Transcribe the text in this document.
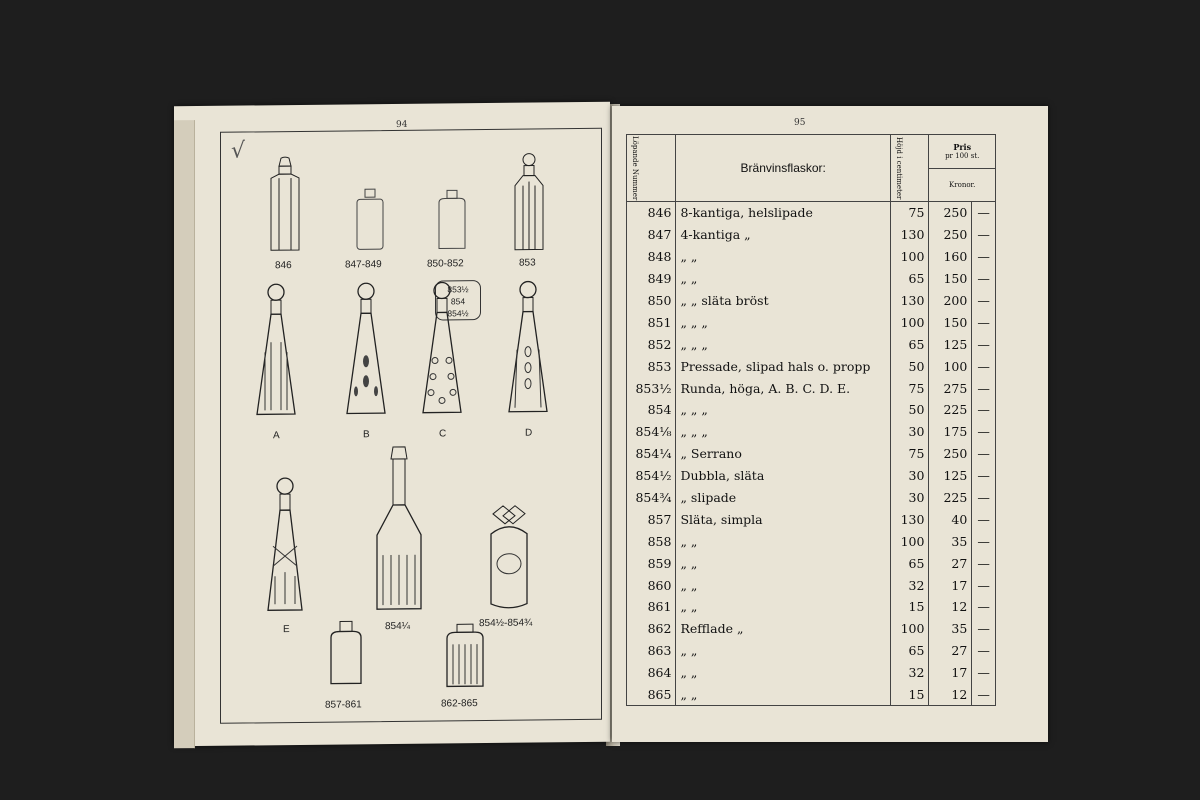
94
√
846	847-849	850-852	853
A	B
853½
854
854½
C	D
E	854¼	854½-854¾
857-861	862-865
95
Löpande Nummer	Bränvinsflaskor:	Höjd i centimeter	Pris
pr 100 st.	

			Kronor.	
846	8-kantiga, helslipade	75	250	—
847	4-kantiga „	130	250	—
848	„ „	100	160	—
849	„ „	65	150	—
850	„ „ släta bröst	130	200	—
851	„ „ „	100	150	—
852	„ „ „	65	125	—
853	Pressade, slipad hals o. propp	50	100	—
853½	Runda, höga, A. B. C. D. E.	75	275	—
854	„ „ „	50	225	—
854⅛	„ „ „	30	175	—
854¼	„ Serrano	75	250	—
854½	Dubbla, släta	30	125	—
854¾	„ slipade	30	225	—
857	Släta, simpla	130	40	—
858	„ „	100	35	—
859	„ „	65	27	—
860	„ „	32	17	—
861	„ „	15	12	—
862	Refflade „	100	35	—
863	„ „	65	27	—
864	„ „	32	17	—
865	„ „	15	12	—
